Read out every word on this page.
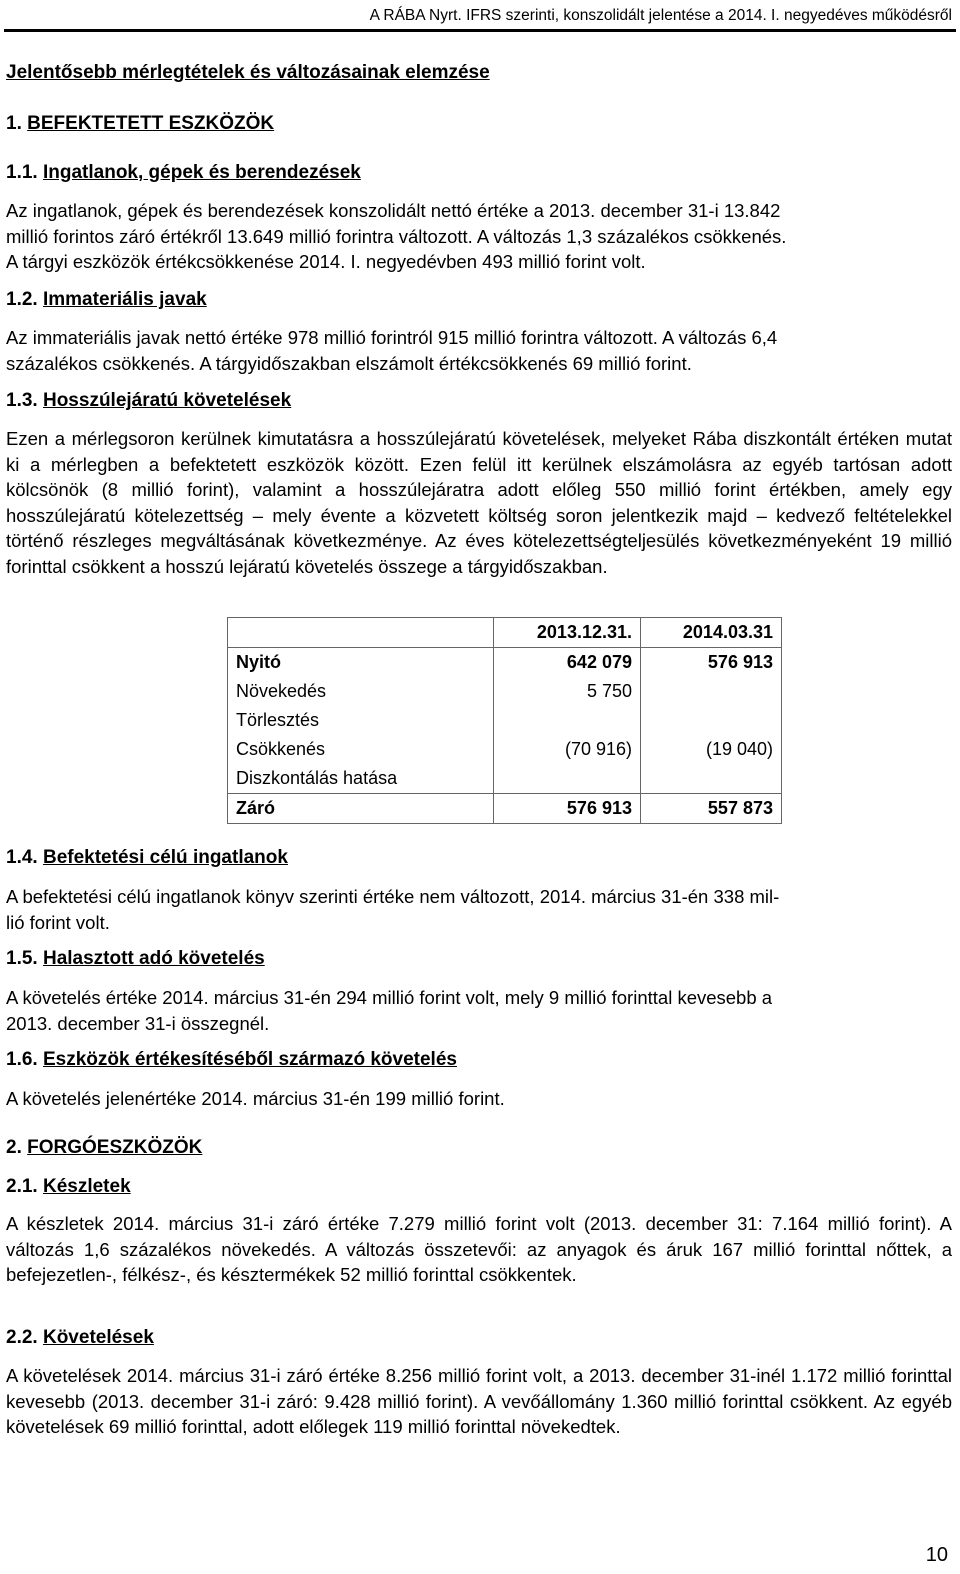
A RÁBA Nyrt. IFRS szerinti, konszolidált jelentése a 2014. I. negyedéves működésről
Jelentősebb mérlegtételek és változásainak elemzése
1. BEFEKTETETT ESZKÖZÖK
1.1. Ingatlanok, gépek és berendezések
Az ingatlanok, gépek és berendezések konszolidált nettó értéke a 2013. december 31-i 13.842
millió forintos záró értékről 13.649 millió forintra változott. A változás 1,3 százalékos csökkenés.
A tárgyi eszközök értékcsökkenése 2014. I. negyedévben 493 millió forint volt.
1.2. Immateriális javak
Az immateriális javak nettó értéke 978 millió forintról 915 millió forintra változott. A változás 6,4
százalékos csökkenés. A tárgyidőszakban elszámolt értékcsökkenés 69 millió forint.
1.3. Hosszúlejáratú követelések

Ezen a mérlegsoron kerülnek kimutatásra a hosszúlejáratú követelések, melyeket Rába diszkontált értéken mutat ki a mérlegben a befektetett eszközök között. Ezen felül itt kerülnek elszámolásra az egyéb tartósan adott kölcsönök (8 millió forint), valamint a hosszúlejáratra adott előleg 550 millió forint értékben, amely egy hosszúlejáratú kötelezettség – mely évente a közvetett költség soron jelentkezik majd – kedvező feltételekkel történő részleges megváltásának következménye. Az éves kötelezettségteljesülés következményeként 19 millió forinttal csökkent a hosszú lejáratú követelés összege a tárgyidőszakban.

	2013.12.31.	2014.03.31
Nyitó	642 079	576 913
Növekedés	5 750	
Törlesztés		
Csökkenés	(70 916)	(19 040)
Diszkontálás hatása		
Záró	576 913	557 873
1.4. Befektetési célú ingatlanok
A befektetési célú ingatlanok könyv szerinti értéke nem változott, 2014. március 31-én 338 mil-
lió forint volt.
1.5. Halasztott adó követelés
A követelés értéke 2014. március 31-én 294 millió forint volt, mely 9 millió forinttal kevesebb a
2013. december 31-i összegnél.
1.6. Eszközök értékesítéséből származó követelés
A követelés jelenértéke 2014. március 31-én 199 millió forint.
2. FORGÓESZKÖZÖK
2.1. Készletek

A készletek 2014. március 31-i záró értéke 7.279 millió forint volt (2013. december 31: 7.164 millió forint). A változás 1,6 százalékos növekedés. A változás összetevői: az anyagok és áruk 167 millió forinttal nőttek, a befejezetlen-, félkész-, és késztermékek 52 millió forinttal csökkentek.

2.2. Követelések

A követelések 2014. március 31-i záró értéke 8.256 millió forint volt, a 2013. december 31-inél 1.172 millió forinttal kevesebb (2013. december 31-i záró: 9.428 millió forint). A vevőállomány 1.360 millió forinttal csökkent. Az egyéb követelések 69 millió forinttal, adott előlegek 119 millió forinttal növekedtek.

10
